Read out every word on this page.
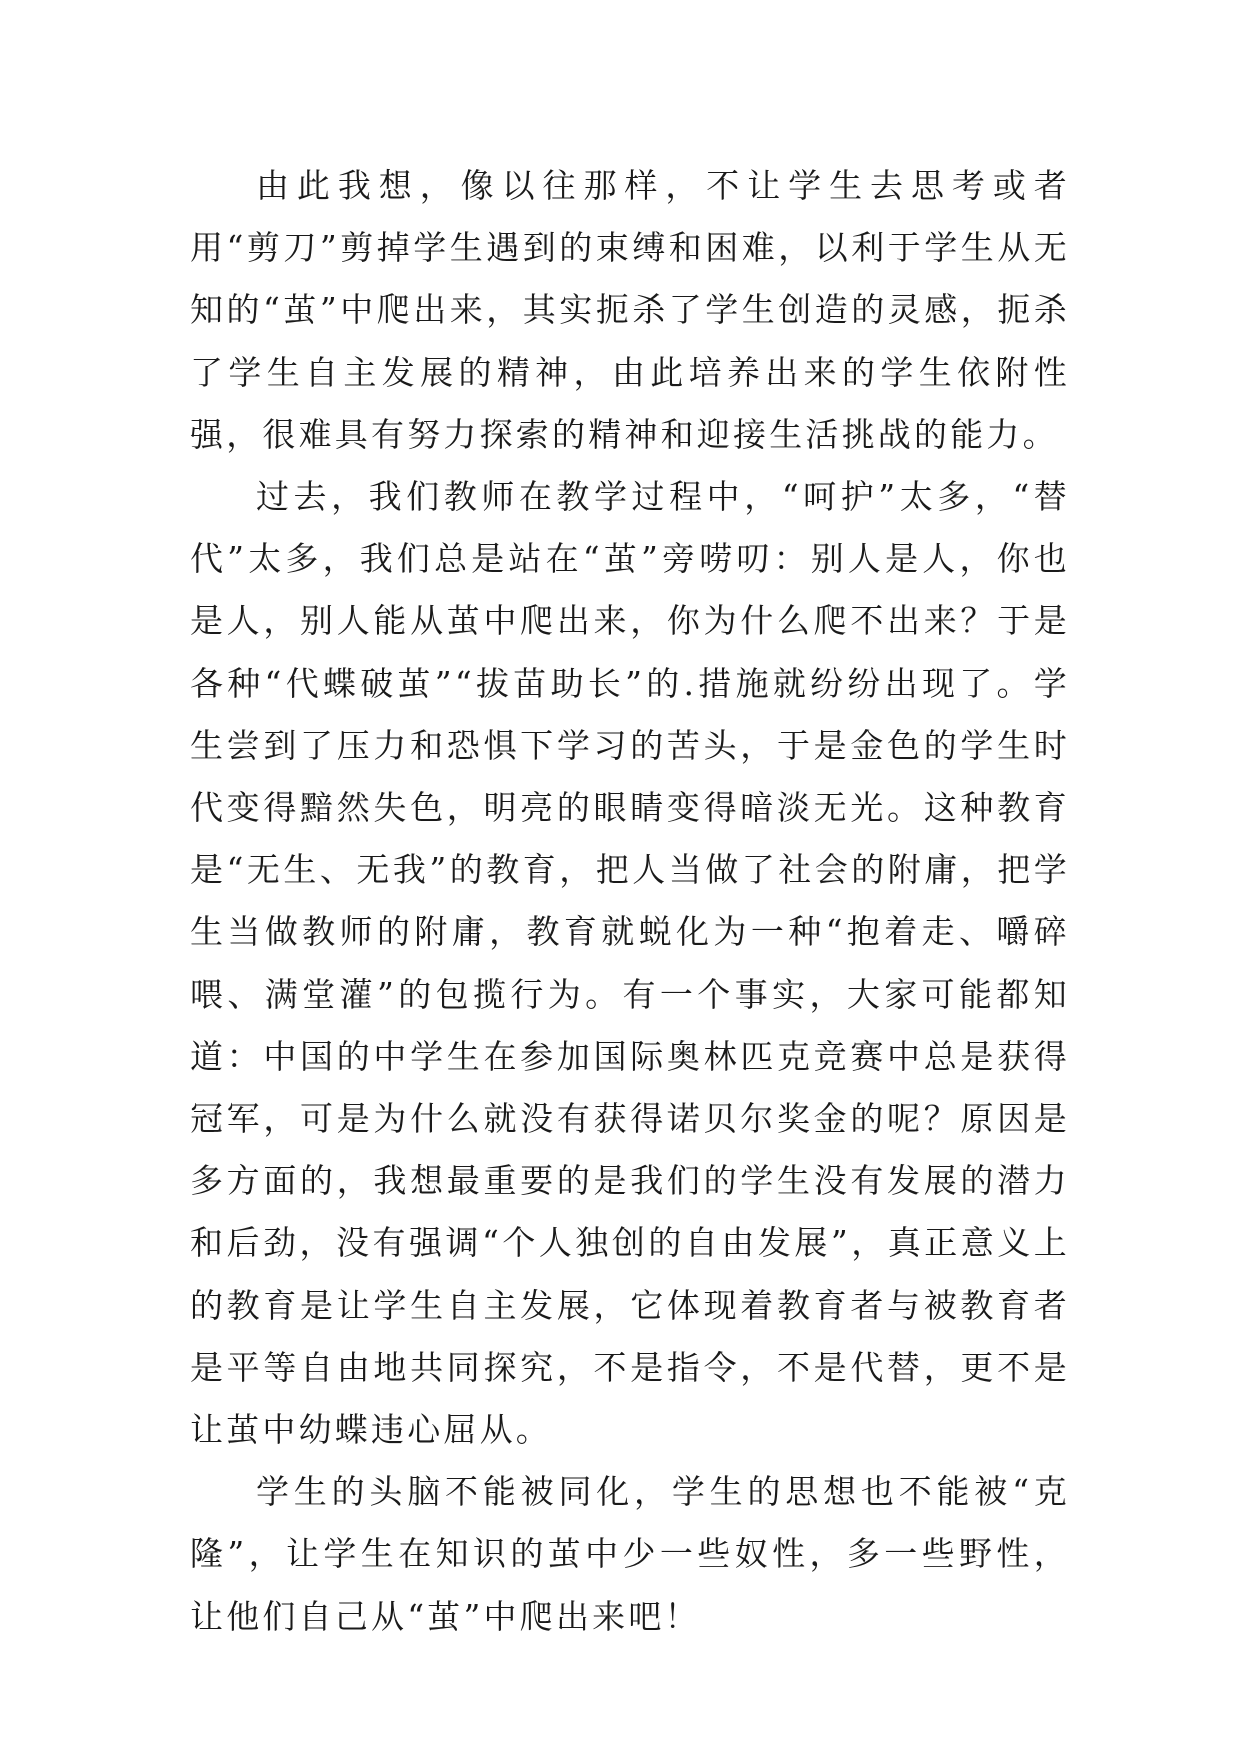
由此我想，像以往那样，不让学生去思考或者用“剪刀”剪掉学生遇到的束缚和困难，以利于学生从无知的“茧”中爬出来，其实扼杀了学生创造的灵感，扼杀了学生自主发展的精神，由此培养出来的学生依附性强，很难具有努力探索的精神和迎接生活挑战的能力。

过去，我们教师在教学过程中，“呵护”太多，“替代”太多，我们总是站在“茧”旁唠叨：别人是人，你也是人，别人能从茧中爬出来，你为什么爬不出来？于是各种“代蝶破茧”“拔苗助长”的.措施就纷纷出现了。学生尝到了压力和恐惧下学习的苦头，于是金色的学生时代变得黯然失色，明亮的眼睛变得暗淡无光。这种教育是“无生、无我”的教育，把人当做了社会的附庸，把学生当做教师的附庸，教育就蜕化为一种“抱着走、嚼碎喂、满堂灌”的包揽行为。有一个事实，大家可能都知道：中国的中学生在参加国际奥林匹克竞赛中总是获得冠军，可是为什么就没有获得诺贝尔奖金的呢？原因是多方面的，我想最重要的是我们的学生没有发展的潜力和后劲，没有强调“个人独创的自由发展”，真正意义上的教育是让学生自主发展，它体现着教育者与被教育者是平等自由地共同探究，不是指令，不是代替，更不是让茧中幼蝶违心屈从。

学生的头脑不能被同化，学生的思想也不能被“克隆”，让学生在知识的茧中少一些奴性，多一些野性，让他们自己从“茧”中爬出来吧！
